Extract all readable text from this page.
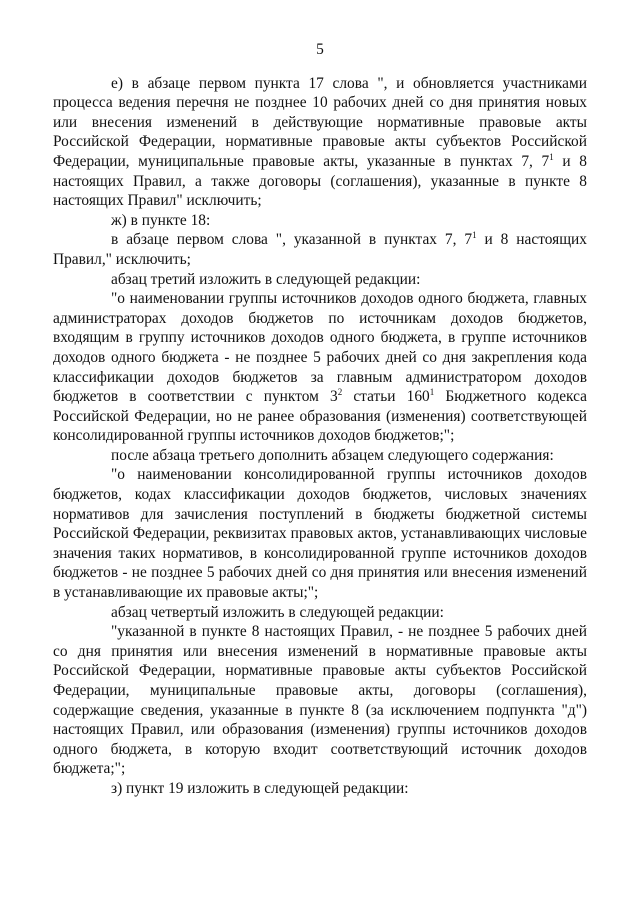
5

е) в абзаце первом пункта 17 слова ", и обновляется участниками процесса ведения перечня не позднее 10 рабочих дней со дня принятия новых или внесения изменений в действующие нормативные правовые акты Российской Федерации, нормативные правовые акты субъектов Российской Федерации, муниципальные правовые акты, указанные в пунктах 7, $7^1$ и 8 настоящих Правил, а также договоры (соглашения), указанные в пункте 8 настоящих Правил" исключить;

ж) в пункте 18:

в абзаце первом слова ", указанной в пунктах 7, $7^1$ и 8 настоящих Правил," исключить;

абзац третий изложить в следующей редакции:

"о наименовании группы источников доходов одного бюджета, главных администраторах доходов бюджетов по источникам доходов бюджетов, входящим в группу источников доходов одного бюджета, в группе источников доходов одного бюджета - не позднее 5 рабочих дней со дня закрепления кода классификации доходов бюджетов за главным администратором доходов бюджетов в соответствии с пунктом $3^2$ статьи $160^1$ Бюджетного кодекса Российской Федерации, но не ранее образования (изменения) соответствующей консолидированной группы источников доходов бюджетов;";

после абзаца третьего дополнить абзацем следующего содержания:

"о наименовании консолидированной группы источников доходов бюджетов, кодах классификации доходов бюджетов, числовых значениях нормативов для зачисления поступлений в бюджеты бюджетной системы Российской Федерации, реквизитах правовых актов, устанавливающих числовые значения таких нормативов, в консолидированной группе источников доходов бюджетов - не позднее 5 рабочих дней со дня принятия или внесения изменений в устанавливающие их правовые акты;";

абзац четвертый изложить в следующей редакции:

"указанной в пункте 8 настоящих Правил, - не позднее 5 рабочих дней со дня принятия или внесения изменений в нормативные правовые акты Российской Федерации, нормативные правовые акты субъектов Российской Федерации, муниципальные правовые акты, договоры (соглашения), содержащие сведения, указанные в пункте 8 (за исключением подпункта "д") настоящих Правил, или образования (изменения) группы источников доходов одного бюджета, в которую входит соответствующий источник доходов бюджета;";

з) пункт 19 изложить в следующей редакции:
